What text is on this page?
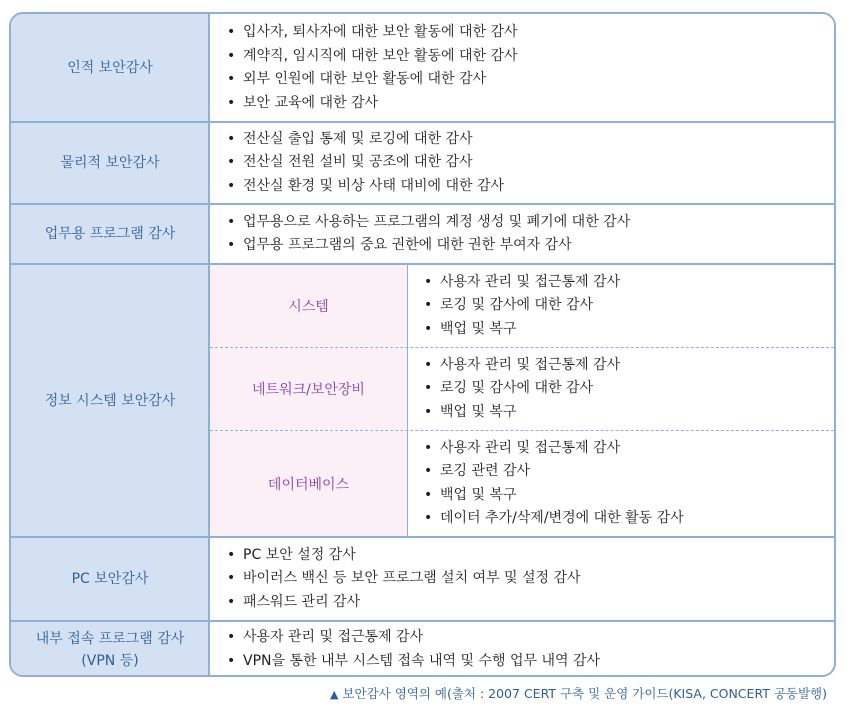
인적 보안감사
• 입사자, 퇴사자에 대한 보안 활동에 대한 감사
• 계약직, 임시직에 대한 보안 활동에 대한 감사
• 외부 인원에 대한 보안 활동에 대한 감사
• 보안 교육에 대한 감사
물리적 보안감사
• 전산실 출입 통제 및 로깅에 대한 감사
• 전산실 전원 설비 및 공조에 대한 감사
• 전산실 환경 및 비상 사태 대비에 대한 감사
업무용 프로그램 감사
• 업무용으로 사용하는 프로그램의 계정 생성 및 폐기에 대한 감사
• 업무용 프로그램의 중요 권한에 대한 권한 부여자 감사
정보 시스템 보안감사
시스템
• 사용자 관리 및 접근통제 감사
• 로깅 및 감사에 대한 감사
• 백업 및 복구
네트워크/보안장비
• 사용자 관리 및 접근통제 감사
• 로깅 및 감사에 대한 감사
• 백업 및 복구
데이터베이스
• 사용자 관리 및 접근통제 감사
• 로깅 관련 감사
• 백업 및 복구
• 데이터 추가/삭제/변경에 대한 활동 감사
PC 보안감사
• PC 보안 설정 감사
• 바이러스 백신 등 보안 프로그램 설치 여부 및 설정 감사
• 패스워드 관리 감사
내부 접속 프로그램 감사
(VPN 등)
• 사용자 관리 및 접근통제 감사
• VPN을 통한 내부 시스템 접속 내역 및 수행 업무 내역 감사
▲ 보안감사 영역의 예(출처 : 2007 CERT 구축 및 운영 가이드(KISA, CONCERT 공동발행)
